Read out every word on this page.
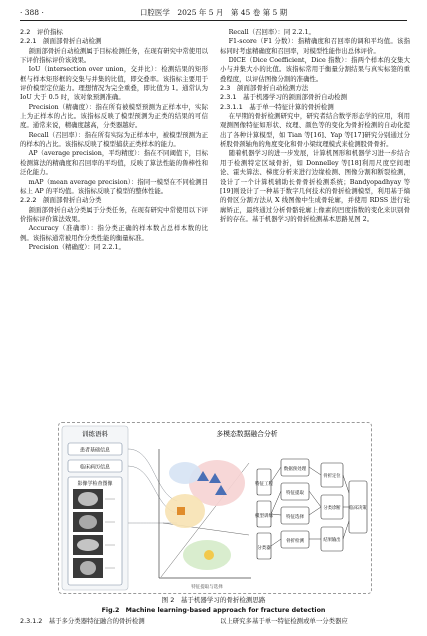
· 388 ·	口腔医学　2025 年 5 月　第 45 卷 第 5 期

2.2　评价指标

2.2.1　颌面部骨折自动检测

颌面部骨折自动检测属于目标检测任务，在现有研究中常使用以下评价指标评价该效果。

IoU（intersection over union，交并比）：检测结果的矩形框与样本矩形框的交集与并集的比值，即交叠率。该指标主要用于评价模型定位能力。理想情况为完全重叠，即比值为 1。通常认为 IoU 大于 0.5 时，该对象预测准确。

Precision（精确度）：指在所有被模型预测为正样本中，实际上为正样本的占比。该指标反映了模型预测为正类的结果的可信度。通常来说，精确度越高，分类器越好。

Recall（召回率）：指在所有实际为正样本中，被模型预测为正的样本的占比。该指标反映了模型捕获正类样本的能力。

AP（average precision，平均精度）：指在不同阈值下，目标检测算法的精确度和召回率的平均值，反映了算法性能的鲁棒性和泛化能力。

mAP（mean average precision）：指同一模型在不同检测目标上 AP 的平均值。该指标反映了模型的整体性能。

2.2.2　颌面部骨折自动分类

颌面部骨折自动分类属于分类任务，在现有研究中常使用以下评价指标评价算法效果。

Accuracy（准确率）：指分类正确的样本数占总样本数的比例。该指标通常被用作分类性能的衡量标准。

Precision（精确度）：同 2.2.1。

Recall（召回率）：同 2.2.1。

F1-score（F1 分数）：指精确度和召回率的调和平均值。该指标同时考虑精确度和召回率，对模型性能作出总体评价。

DICE（Dice Coefficient，Dice 指数）：指两个样本的交集大小与并集大小的比值。该指标常用于衡量分割结果与真实标签的重叠程度，以评估图像分割的准确性。

2.3　颌面部骨折自动检测方法

2.3.1　基于机器学习的颌面部骨折自动检测

2.3.1.1　基于单一特征计算的骨折检测

在早期的骨折检测研究中，研究者结合数学形态学的应用，利用观测图像特征如形状、纹理、颜色等的变化为骨折检测的自动化提出了各种计算模型，如 Tian 等[16]、Yap 等[17]研究分别通过分析股骨颈轴角的角度变化和骨小梁纹理模式来检测股骨骨折。

随着机器学习的进一步发展，计算机图形和机器学习进一步结合用于检测特定区域骨折，如 Donnelley 等[18]利用尺度空间理论、霍夫算法、梯度分析来进行边缘检测、图像分割和断裂检测，设计了一个计算机辅助长骨骨折检测系统；Bandyopadhyay 等[19]则设计了一种基于数字几何技术的骨折检测模型，利用基于熵的骨区分割方法从 X 线图像中生成骨轮廓，并使用 RDSS 进行轮廓矫正，最终通过分析骨骼轮廓上像素的凹度指数的变化来识别骨折的存在。基于机器学习的骨折检测基本思路见图 2。

训练语料
患者基础信息
临床病历信息
影像学检查图像
多模态数据融合分析
特征提取与选择
特征工程
模型训练
分类器
数据预处理
特征提取
特征选择
骨折检测
骨折定位
分类诊断
结果输出
临床决策
图 2　基于机器学习的骨折检测思路
Fig.2　Machine learning-based approach for fracture detection
2.3.1.2　基于多分类器特征融合的骨折检测	以上研究多基于单一特征检测或单一分类器应
